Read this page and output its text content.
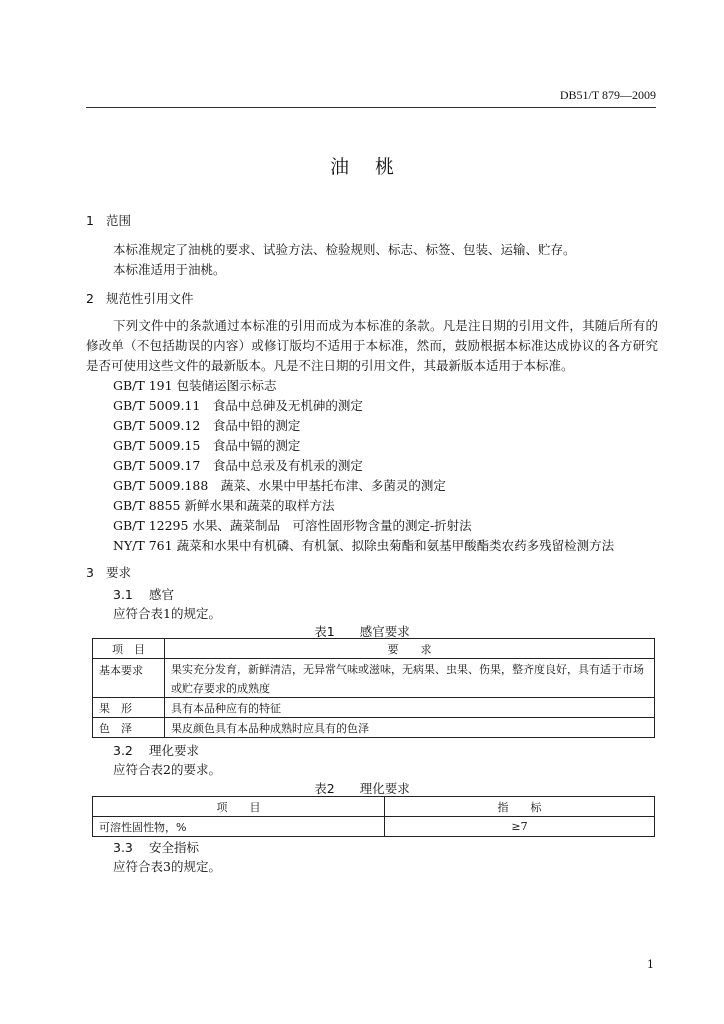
DB51/T 879—2009
油 桃
1 范围
本标准规定了油桃的要求、试验方法、检验规则、标志、标签、包装、运输、贮存。
本标准适用于油桃。
2 规范性引用文件
下列文件中的条款通过本标准的引用而成为本标准的条款。凡是注日期的引用文件，其随后所有的修改单（不包括勘误的内容）或修订版均不适用于本标准，然而，鼓励根据本标准达成协议的各方研究是否可使用这些文件的最新版本。凡是不注日期的引用文件，其最新版本适用于本标准。
GB/T 191 包装储运图示标志
GB/T 5009.11　 食品中总砷及无机砷的测定
GB/T 5009.12　 食品中铅的测定
GB/T 5009.15　 食品中镉的测定
GB/T 5009.17　 食品中总汞及有机汞的测定
GB/T 5009.188　 蔬菜、水果中甲基托布津、多菌灵的测定
GB/T 8855 新鲜水果和蔬菜的取样方法
GB/T 12295 水果、蔬菜制品　可溶性固形物含量的测定-折射法
NY/T 761 蔬菜和水果中有机磷、有机氯、拟除虫菊酯和氨基甲酸酯类农药多残留检测方法
3 要求
3.1 感官
应符合表1的规定。
表1　　 感官要求
项　目	要　　求
基本要求	果实充分发育，新鲜清洁，无异常气味或滋味，无病果、虫果、伤果，整齐度良好，具有适于市场
	或贮存要求的成熟度
果　形	具有本品种应有的特征
色　泽	果皮颜色具有本品种成熟时应具有的色泽
3.2 理化要求
应符合表2的要求。
表2　　 理化要求
项　　目	指　　标
可溶性固性物，%	≥7
3.3 安全指标
应符合表3的规定。
1
